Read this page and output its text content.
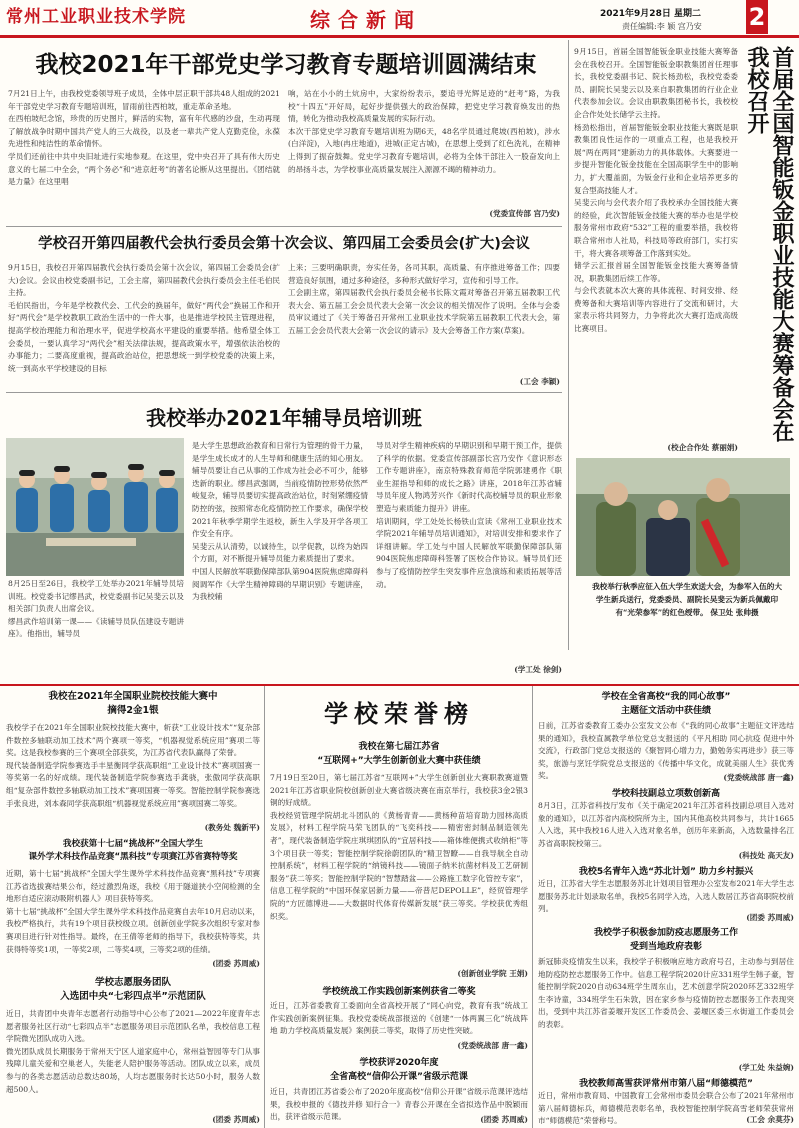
常州工业职业技术学院	综合新闻	2021年9月28日 星期二
责任编辑:李 颖 宫乃安 2
我校2021年干部党史学习教育专题培训圆满结束
7月21日上午，由我校党委领导班子成员，全体中层正职干部共48人组成的2021年干部党史学习教育专题培训班，冒雨前往西柏坡，重走革命圣地。
在西柏坡纪念馆，珍贵的历史图片，鲜活的实物，富有年代感的沙盘，生动再现了解放战争时期中国共产党人的三大战役，以及老一辈共产党人克勤克俭，永葆先进性和纯洁性的革命情怀。
学员们还前往中共中央旧址进行实地参观。在这里，党中央召开了具有伟大历史意义的七届二中全会，“两个务必”和“进京赶考”的著名论断从这里提出。《团结就是力量》在这里唱
响，站在小小的土炕房中，大家纷纷表示，要追寻光辉足迹的“赶考”路，为我校“十四五”开好局，起好步提供强大的政治保障，把党史学习教育焕发出的热情，转化为推动我校高质量发展的实际行动。
本次干部党史学习教育专题培训班为期6天，48名学员通过爬坡(西柏坡)，涉水(白洋淀)，入地(冉庄地道)，进城(正定古城)，在思想上受到了红色洗礼，在精神上得到了振奋鼓舞。党史学习教育专题培训，必将为全体干部注入一股奋发向上的昂扬斗志，为学校事业高质量发展注入源源不竭的精神动力。
(党委宣传部 宫乃安)
学校召开第四届教代会执行委员会第十次会议、第四届工会委员会(扩大)会议
9月15日，我校召开第四届教代会执行委员会第十次会议，第四届工会委员会(扩大)会议。会议由校党委副书记，工会主席，第四届教代会执行委员会主任毛伯民主持。
毛伯民指出，今年是学校教代会、工代会的换届年，做好“两代会”换届工作和开好“两代会”是学校教职工政治生活中的一件大事，也是推进学校民主管理进程，提高学校治理能力和治理水平，促进学校高水平建设的重要举措。他希望全体工会委员，一要认真学习“两代会”相关法律法规，提高政策水平，增强依法治校的办事能力；二要高度重视，提高政治站位，把思想统一到学校党委的决策上来，统一到高水平学校建设的目标
上来；三要明确职责，夯实任务，各司其职，高质量、有序推进筹备工作；四要营造良好氛围，通过多种途径，多种形式做好学习，宣传和引导工作。
工会副主席，第四届教代会执行委员会秘书长陈文霞对筹备召开第五届教职工代表大会、第五届工会会员代表大会第一次会议的相关情况作了说明。全体与会委员审议通过了《关于筹备召开常州工业职业技术学院第五届教职工代表大会，第五届工会会员代表大会第一次会议的请示》及大会筹备工作方案(草案)。
(工会 李颖)
我校举办2021年辅导员培训班
8月25日至26日，我校学工处举办2021年辅导员培训班。校党委书记缪昌武，校党委副书记吴斐云以及相关部门负责人出席会议。
缪昌武作培训第一课——《读辅导员队伍建设专题讲座》。他指出，辅导员
是大学生思想政治教育和日常行为管理的骨干力量，是学生成长成才的人生导师和健康生活的知心朋友。辅导员要让自己从事的工作成为社会必不可少，能够迭新的职业。缪昌武强调，当前疫情防控形势依然严峻复杂，辅导员要切实提高政治站位，时刻紧绷疫情防控的弦，按照常态化疫情防控工作要求，确保学校2021年秋季学期学生返校，新生入学及开学各项工作安全有序。
吴斐云从认清势，以诚待生，以学促教，以终为始四个方面，对不断提升辅导员能力素质提出了要求。
中国人民解放军联勤保障部队第904医院焦虑障碍科阅调军作《大学生精神障碍的早期识别》专题讲座，为我校辅
导员对学生精神疾病的早期识别和早期干预工作，提供了科学的依据。党委宣传部副部长宫乃安作《意识形态工作专题讲座》，南京特殊教育师范学院郭建勇作《职业生涯指导和师的成长之路》讲座，2018年江苏省辅导员年度人物鸿芳兴作《新时代高校辅导员的职业形象塑造与素质能力提升》讲座。
培训期间，学工处处长杨铁山宣读《常州工业职业技术学院2021年辅导员培训通知》，对培训安排和要求作了详细讲解。学工处与中国人民解放军联勤保障部队第904医院焦虑障碍科签署了医校合作协议。辅导员们还参与了疫情防控学生突发事件应急演练和素质拓展等活动。
(学工处 徐剑)
9月15日，首届全国智能钣金职业技能大赛筹备会在我校召开。全国智能钣金职教集团首任理事长，我校党委副书记、院长杨劲松，我校党委委员、副院长吴斐云以及来自职教集团的行业企业代表参加会议。会议由职教集团秘书长，我校校企合作处处长储学云主持。
杨劲松指出，首届智能钣金职业技能大赛既是职教集团良性运作的一项重点工程，也是我校开展“两在两同”建新动力的具体载体。大赛要进一步提升智能化钣金技能在全国高职学生中的影响力，扩大覆盖面，为钣金行业和企业培养更多的复合型高技能人才。
吴斐云向与会代表介绍了我校承办全国技能大赛的经验，此次智能钣金技能大赛的举办也是学校服务常州市政府“532”工程的重要举措，我校将联合常州市人社局，科技局等政府部门，实打实干，将大赛各项筹备工作落到实处。
储学云汇报首届全国智能钣金技能大赛筹备情况，职教集团后续工作等。
与会代表就本次大赛的具体流程、时间安排、经费筹备和大赛培训等内容进行了交流和研讨，大家表示将共同努力，力争将此次大赛打造成高级比赛项目。
(校企合作处 蔡丽娟)
首届全国智能钣金职业技能大赛筹备会在我校召开
我校举行秋季应征入伍大学生欢送大会，为参军入伍的大学生新兵送行，党委委员、副院长吴斐云为新兵佩戴印有“光荣参军”的红色绶带。 保卫处 张帅摄
学校荣誉榜
我校在2021年全国职业院校技能大赛中
摘得2金1银
我校学子在2021年全国职业院校技能大赛中，斩获“工业设计技术”“复杂部件数控多轴联动加工技术”两个赛项一等奖，“机器视觉系统应用”赛项二等奖。这是我校参赛的三个赛项全部获奖，为江苏省代表队赢得了荣誉。
现代装备制造学院参赛选手丰星衡同学获高职组“工业设计技术”赛项国赛一等奖第一名的好成绩。现代装备制造学院参赛选手龚骁，张傲同学获高职组“复杂部件数控多轴联动加工技术”赛项国赛一等奖。智能控制学院参赛选手张良进，刘本森同学获高职组“机器视觉系统应用”赛项国赛二等奖。
(教务处 魏新平)
我校获第十七届“挑战杯”全国大学生
课外学术科技作品竞赛“黑科技”专项赛江苏省赛特等奖
近期，第十七届“挑战杯”全国大学生课外学术科技作品竞赛“黑科技”专项赛江苏省选拔赛结果公布，经过激烈角逐，我校《用于隧道狭小空间检测的全地形自适应滚动吸附机器人》项目获特等奖。
第十七届“挑战杯”全国大学生课外学术科技作品竞赛自去年10月启动以来，我校严格执行，共有19个项目获校级立项。创新创业学院多次组织专家对参赛项目进行针对性指导。最终，在王倩等老师的指导下，我校获特等奖，共获得特等奖1项，一等奖2项，二等奖4项，三等奖2项的佳绩。
(团委 苏周威)
学校志愿服务团队
入选团中央“七彩四点半”示范团队
近日，共青团中央青年志愿者行动指导中心公布了2021—2022年度青年志愿者服务社区行动“七彩四点半”志愿服务项目示范团队名单，我校信息工程学院微光团队成功入选。
微光团队成员长期服务于常州天宁区人道家庭中心，常州益智园等专门从事残障儿童关爱和空巢老人，失能老人陪护服务等活动。团队成立以来，成员参与的各类志愿活动总数达80场，人均志愿服务时长达50小时，服务人数超500人。
(团委 苏周威)
我校在第七届江苏省
“互联网+”大学生创新创业大赛中获佳绩
7月19日至20日，第七届江苏省“互联网+”大学生创新创业大赛职教赛道暨2021年江苏省职业院校创新创业大赛省级决赛在南京举行，我校获3金2银3铜的好成绩。
我校经贸管理学院胡北斗团队的《黄杨青青——黄杨种苗培育助力园林高质发展》，材料工程学院马荣飞团队的“飞奕科技——精密密封制品制造领先者”，现代装备制造学院庄琪琪团队的“宜居科技——箱体维便携式收纳柜”等3个项目获一等奖；智能控制学院徐蔚团队的“精卫智瞭——自我导航全自动控制系统”，材料工程学院的“纳镜科技——镜面子纳米抗菌材料及工艺研制服务”获二等奖；智能控制学院的“智慧踏盆——公路施工数字化管控专家”，信息工程学院的“中国环保家居新力量——帝普尼DEPOLLE”，经贸管理学院的“方匠德博进——大数据时代体育传媒新发展”获三等奖。学校获优秀组织奖。
(创新创业学院 王娟)
学校统战工作实践创新案例获省二等奖
近日，江苏省委教育工委面向全省高校开展了“同心向党，教育有我”统战工作实践创新案例征集。我校党委统战部报送的《创建“一体两翼三化”统战阵地 助力学校高质量发展》案例获二等奖，取得了历史性突破。
(党委统战部 唐一鑫)
学校获评2020年度
全省高校“信仰公开课”省级示范课
近日，共青团江苏省委公布了2020年度高校“信仰公开课”省级示范课评选结果，我校申报的《德技并修 知行合一》青春公开课在全省拟选作品中脱颖而出，获评省级示范课。	(团委 苏周威)
学校在全省高校“我的同心故事”
主题征文活动中获佳绩
日前，江苏省委教育工委办公室发文公布《“我的同心故事”主题征文评选结果的通知》，我校直属教学单位党总支报送的《平凡相助 同心抗疫 促进中外交流》，行政部门党总支报送的《聚智同心增力力，勤勉务实再进步》获三等奖，旅游与烹饪学院党总支报送的《传播中华文化，成就美丽人生》获优秀奖。	(党委统战部 唐一鑫)
学校科技副总立项数创新高
8月3日，江苏省科技厅发布《关于确定2021年江苏省科技副总项目入选对象的通知》，以江苏省内高校院所为主，国内其他高校共同参与，共计1665人入选，其中我校16人进入入选对象名单，创历年来新高，入选数量排名江苏省高职院校第三。
(科技处 高天友)
我校5名青年入选“苏北计划” 助力乡村振兴
近日，江苏省大学生志愿服务苏北计划项目管理办公室发布2021年大学生志愿服务苏北计划录取名单，我校5名同学入选，入选人数居江苏省高职院校前列。
(团委 苏周威)
我校学子积极参加防疫志愿服务工作
受到当地政府表彰
新冠肺炎疫情发生以来，我校学子积极响应地方政府号召，主动参与到居住地防疫防控志愿服务工作中。信息工程学院2020计应331班学生韩子豪，智能控制学院2020自动634班学生周东山，艺术创意学院2020环艺332班学生李诗童，334班学生石朱敦，因在家乡参与疫情防控志愿服务工作表现突出，受到中共江苏省姜堰开发区工作委员会、姜堰区委三水街道工作委员会的表彰。
(学工处 朱益婉)
我校教师高雪获评常州市第八届“师德模范”
近日，常州市教育局、中国教育工会常州市委员会联合公布了2021年常州市第八届师德标兵，师德模范表彰名单，我校智能控制学院高雪老师荣获常州市“师德模范”荣誉称号。	(工会 余莫芬)
